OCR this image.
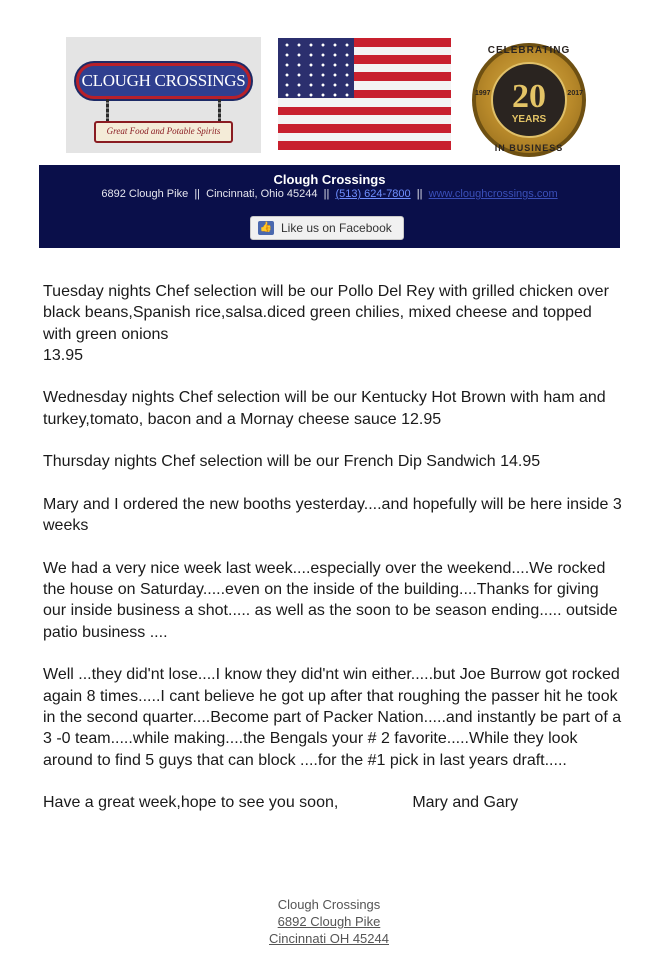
CLOUGH CROSSINGS
Great Food and Potable Spirits
CELEBRATING
1997	2017
20
YEARS
IN BUSINESS
Clough Crossings
6892 Clough Pike || Cincinnati, Ohio 45244 || (513) 624-7800 || www.cloughcrossings.com
👍 Like us on Facebook

Tuesday nights Chef selection will be our Pollo Del Rey with grilled chicken over black beans,Spanish rice,salsa.diced green chilies, mixed cheese and topped with green onions
13.95

Wednesday nights Chef selection will be our Kentucky Hot Brown with ham and turkey,tomato, bacon and a Mornay cheese sauce 12.95

Thursday nights Chef selection will be our French Dip Sandwich 14.95

Mary and I ordered the new booths yesterday....and hopefully will be here inside 3 weeks

We had a very nice week last week....especially over the weekend....We rocked the house on Saturday.....even on the inside of the building....Thanks for giving our inside business a shot..... as well as the soon to be season ending..... outside patio business ....

Well ...they did'nt lose....I know they did'nt win either.....but Joe Burrow got rocked again 8 times.....I cant believe he got up after that roughing the passer hit he took in the second quarter....Become part of Packer Nation.....and instantly be part of a 3 -0 team.....while making....the Bengals your # 2 favorite.....While they look around to find 5 guys that can block ....for the #1 pick in last years draft.....

Have a great week,hope to see you soon,	Mary and Gary

Clough Crossings
6892 Clough Pike
Cincinnati OH 45244
